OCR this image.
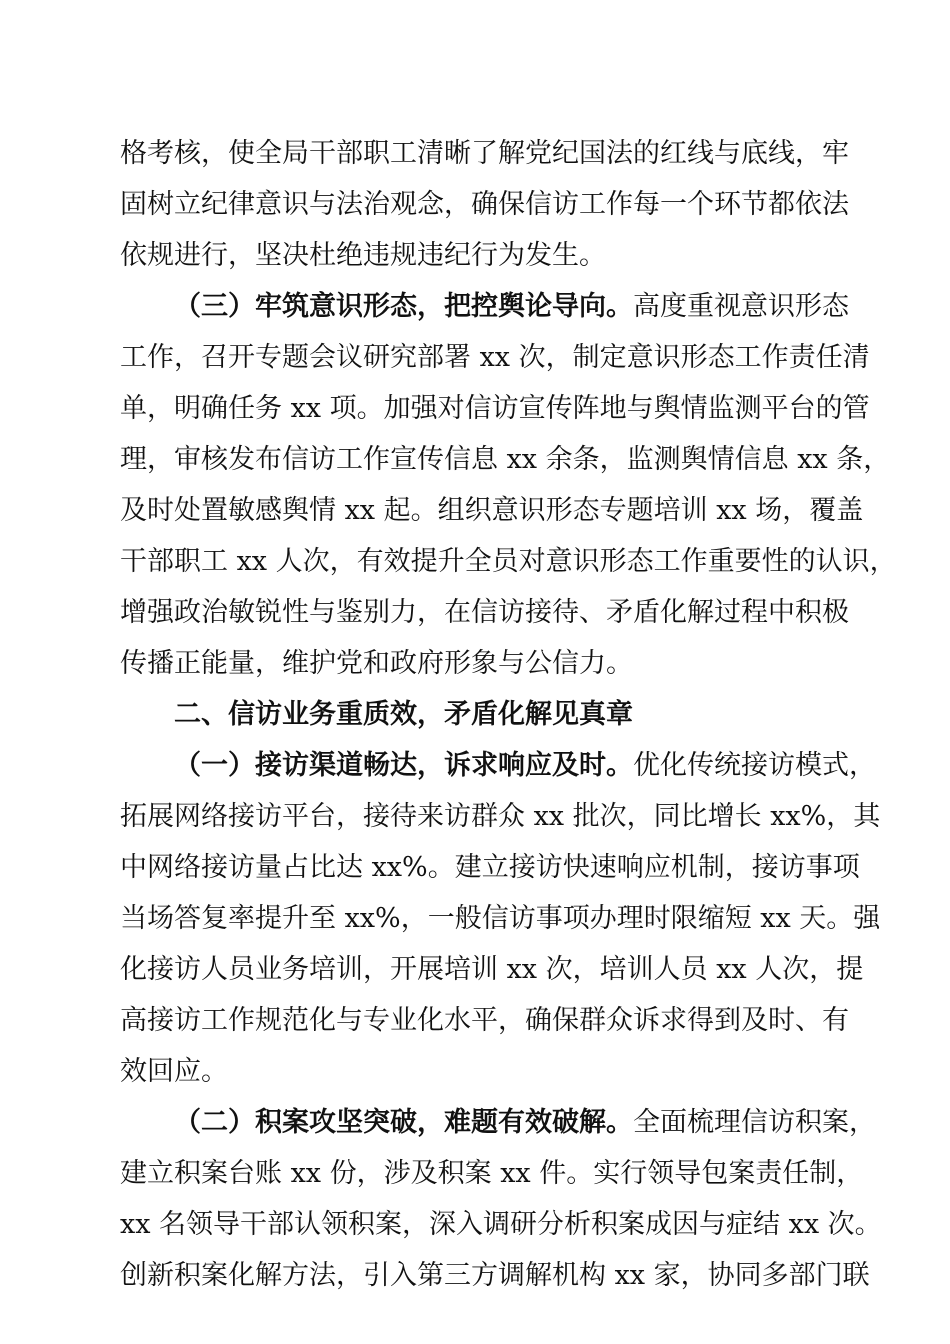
格考核，使全局干部职工清晰了解党纪国法的红线与底线，牢
固树立纪律意识与法治观念，确保信访工作每一个环节都依法
依规进行，坚决杜绝违规违纪行为发生。
（三）牢筑意识形态，把控舆论导向。高度重视意识形态
工作，召开专题会议研究部署 xx 次，制定意识形态工作责任清
单，明确任务 xx 项。加强对信访宣传阵地与舆情监测平台的管
理，审核发布信访工作宣传信息 xx 余条，监测舆情信息 xx 条，
及时处置敏感舆情 xx 起。组织意识形态专题培训 xx 场，覆盖
干部职工 xx 人次，有效提升全员对意识形态工作重要性的认识，
增强政治敏锐性与鉴别力，在信访接待、矛盾化解过程中积极
传播正能量，维护党和政府形象与公信力。
二、信访业务重质效，矛盾化解见真章
（一）接访渠道畅达，诉求响应及时。优化传统接访模式，
拓展网络接访平台，接待来访群众 xx 批次，同比增长 xx%，其
中网络接访量占比达 xx%。建立接访快速响应机制，接访事项
当场答复率提升至 xx%，一般信访事项办理时限缩短 xx 天。强
化接访人员业务培训，开展培训 xx 次，培训人员 xx 人次，提
高接访工作规范化与专业化水平，确保群众诉求得到及时、有
效回应。
（二）积案攻坚突破，难题有效破解。全面梳理信访积案，
建立积案台账 xx 份，涉及积案 xx 件。实行领导包案责任制，
xx 名领导干部认领积案，深入调研分析积案成因与症结 xx 次。
创新积案化解方法，引入第三方调解机构 xx 家，协同多部门联
